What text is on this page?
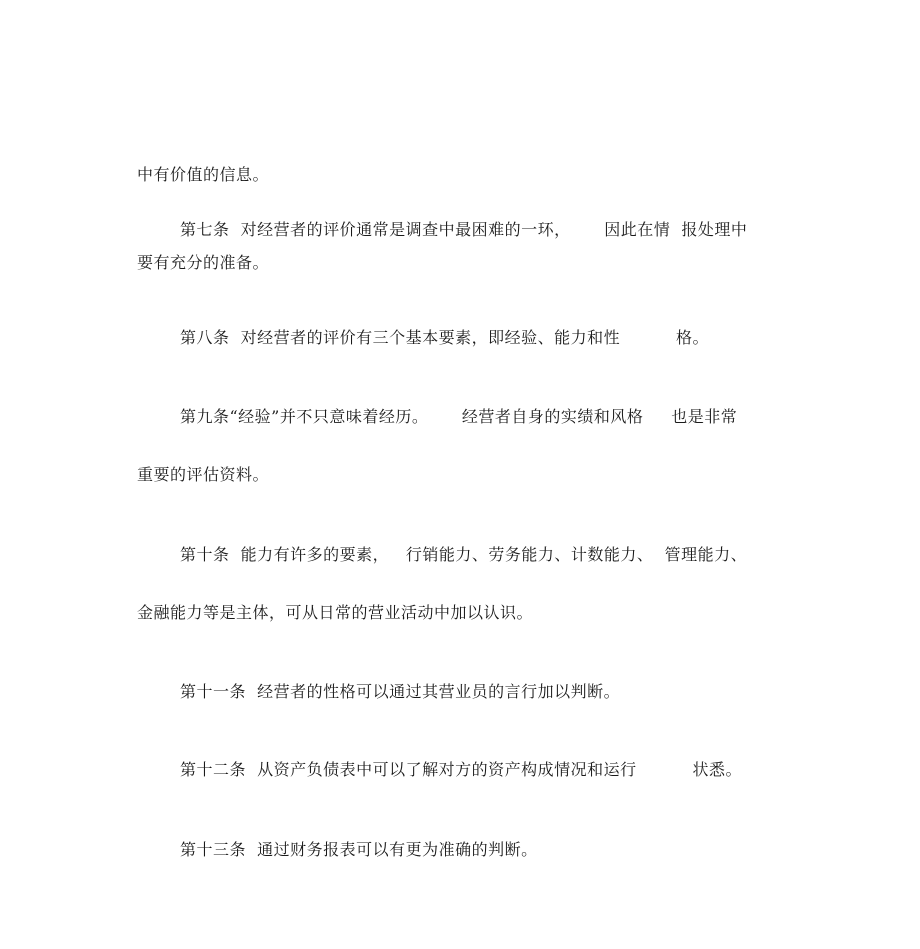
中有价值的信息。
第七条  对经营者的评价通常是调查中最困难的一环，      因此在情  报处理中
要有充分的准备。
第八条  对经营者的评价有三个基本要素，即经验、能力和性          格。
第九条“经验”并不只意味着经历。      经营者自身的实绩和风格     也是非常
重要的评估资料。
第十条  能力有许多的要素，   行销能力、劳务能力、计数能力、  管理能力、
金融能力等是主体，可从日常的营业活动中加以认识。
第十一条  经营者的性格可以通过其营业员的言行加以判断。
第十二条  从资产负债表中可以了解对方的资产构成情况和运行          状悉。
第十三条  通过财务报表可以有更为准确的判断。
